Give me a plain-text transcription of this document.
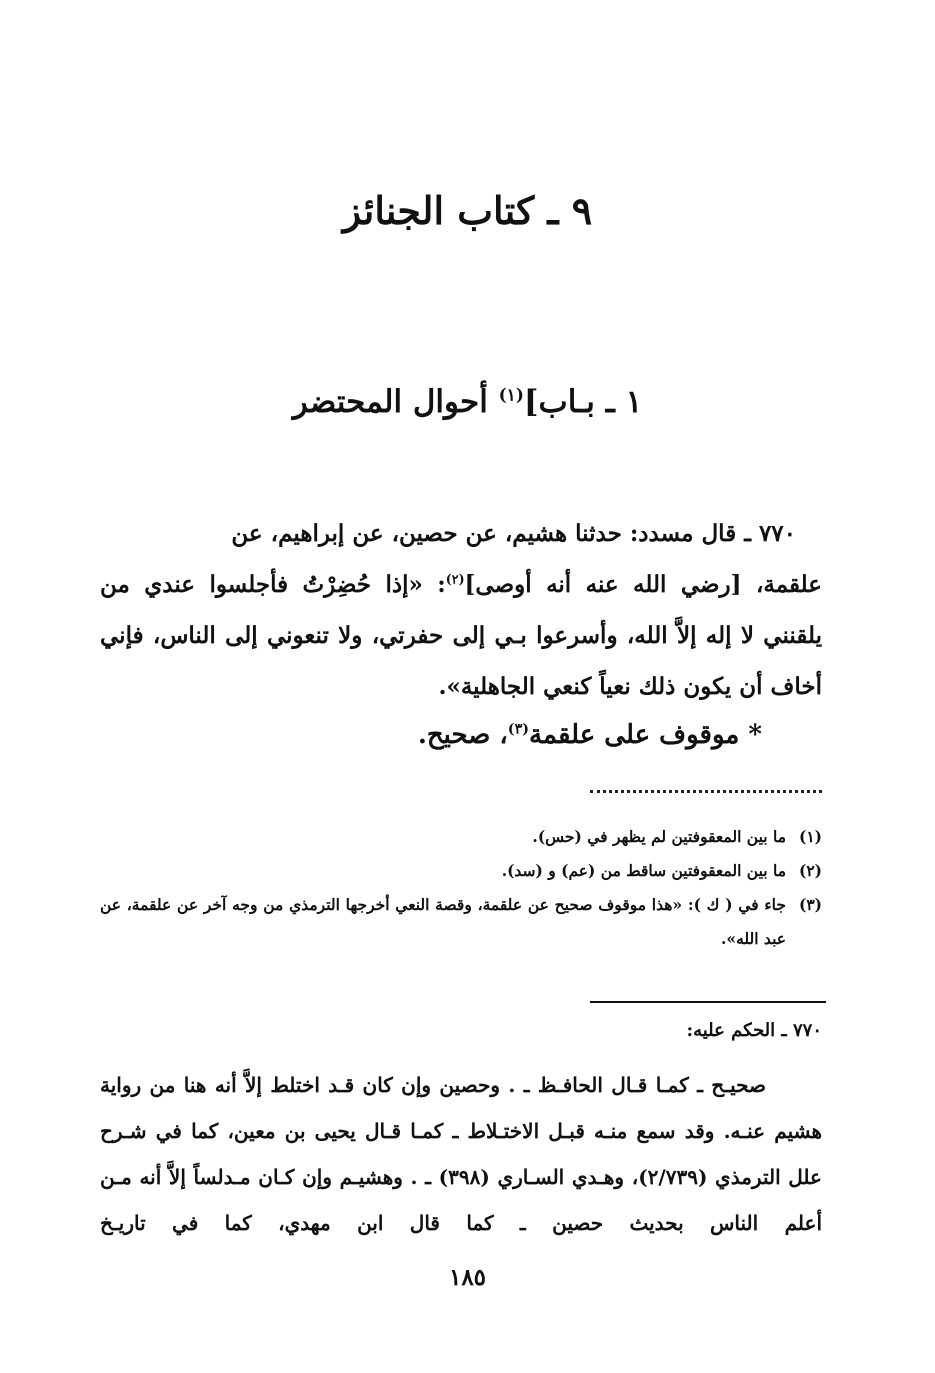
٩ ـ كتاب الجنائز
١ ـ بـاب]$^{(١)}$ أحوال المحتضر

٧٧٠ ـ قال مسدد: حدثنا هشيم، عن حصين، عن إبراهيم، عن

علقمة، [رضي الله عنه أنه أوصى]$^{(٢)}$: «إذا حُضِرْتُ فأجلسوا عندي من يلقنني لا إله إلاَّ الله، وأسرعوا بـي إلى حفرتي، ولا تنعوني إلى الناس، فإني أخاف أن يكون ذلك نعياً كنعي الجاهلية».

* موقوف على علقمة$^{(٣)}$، صحيح.
(١)
ما بين المعقوفتين لم يظهر في (حس).
(٢)
ما بين المعقوفتين ساقط من (عم) و (سد).
(٣)
جاء في ( ك ): «هذا موقوف صحيح عن علقمة، وقصة النعي أخرجها الترمذي من وجه آخر عن علقمة، عن عبد الله».
٧٧٠ ـ الحكم عليه:

صحيـح ـ كمـا قـال الحافـظ ـ . وحصين وإن كان قـد اختلط إلاَّ أنه هنا من رواية هشيم عنـه. وقد سمع منـه قبـل الاختـلاط ـ كمـا قـال يحيى بن معين، كما في شـرح علل الترمذي (٢/٧٣٩)، وهـدي السـاري (٣٩٨) ـ . وهشيـم وإن كـان مـدلساً إلاَّ أنه مـن أعلم الناس بحديث حصين ـ كما قال ابن مهدي، كما في تاريـخ

١٨٥
